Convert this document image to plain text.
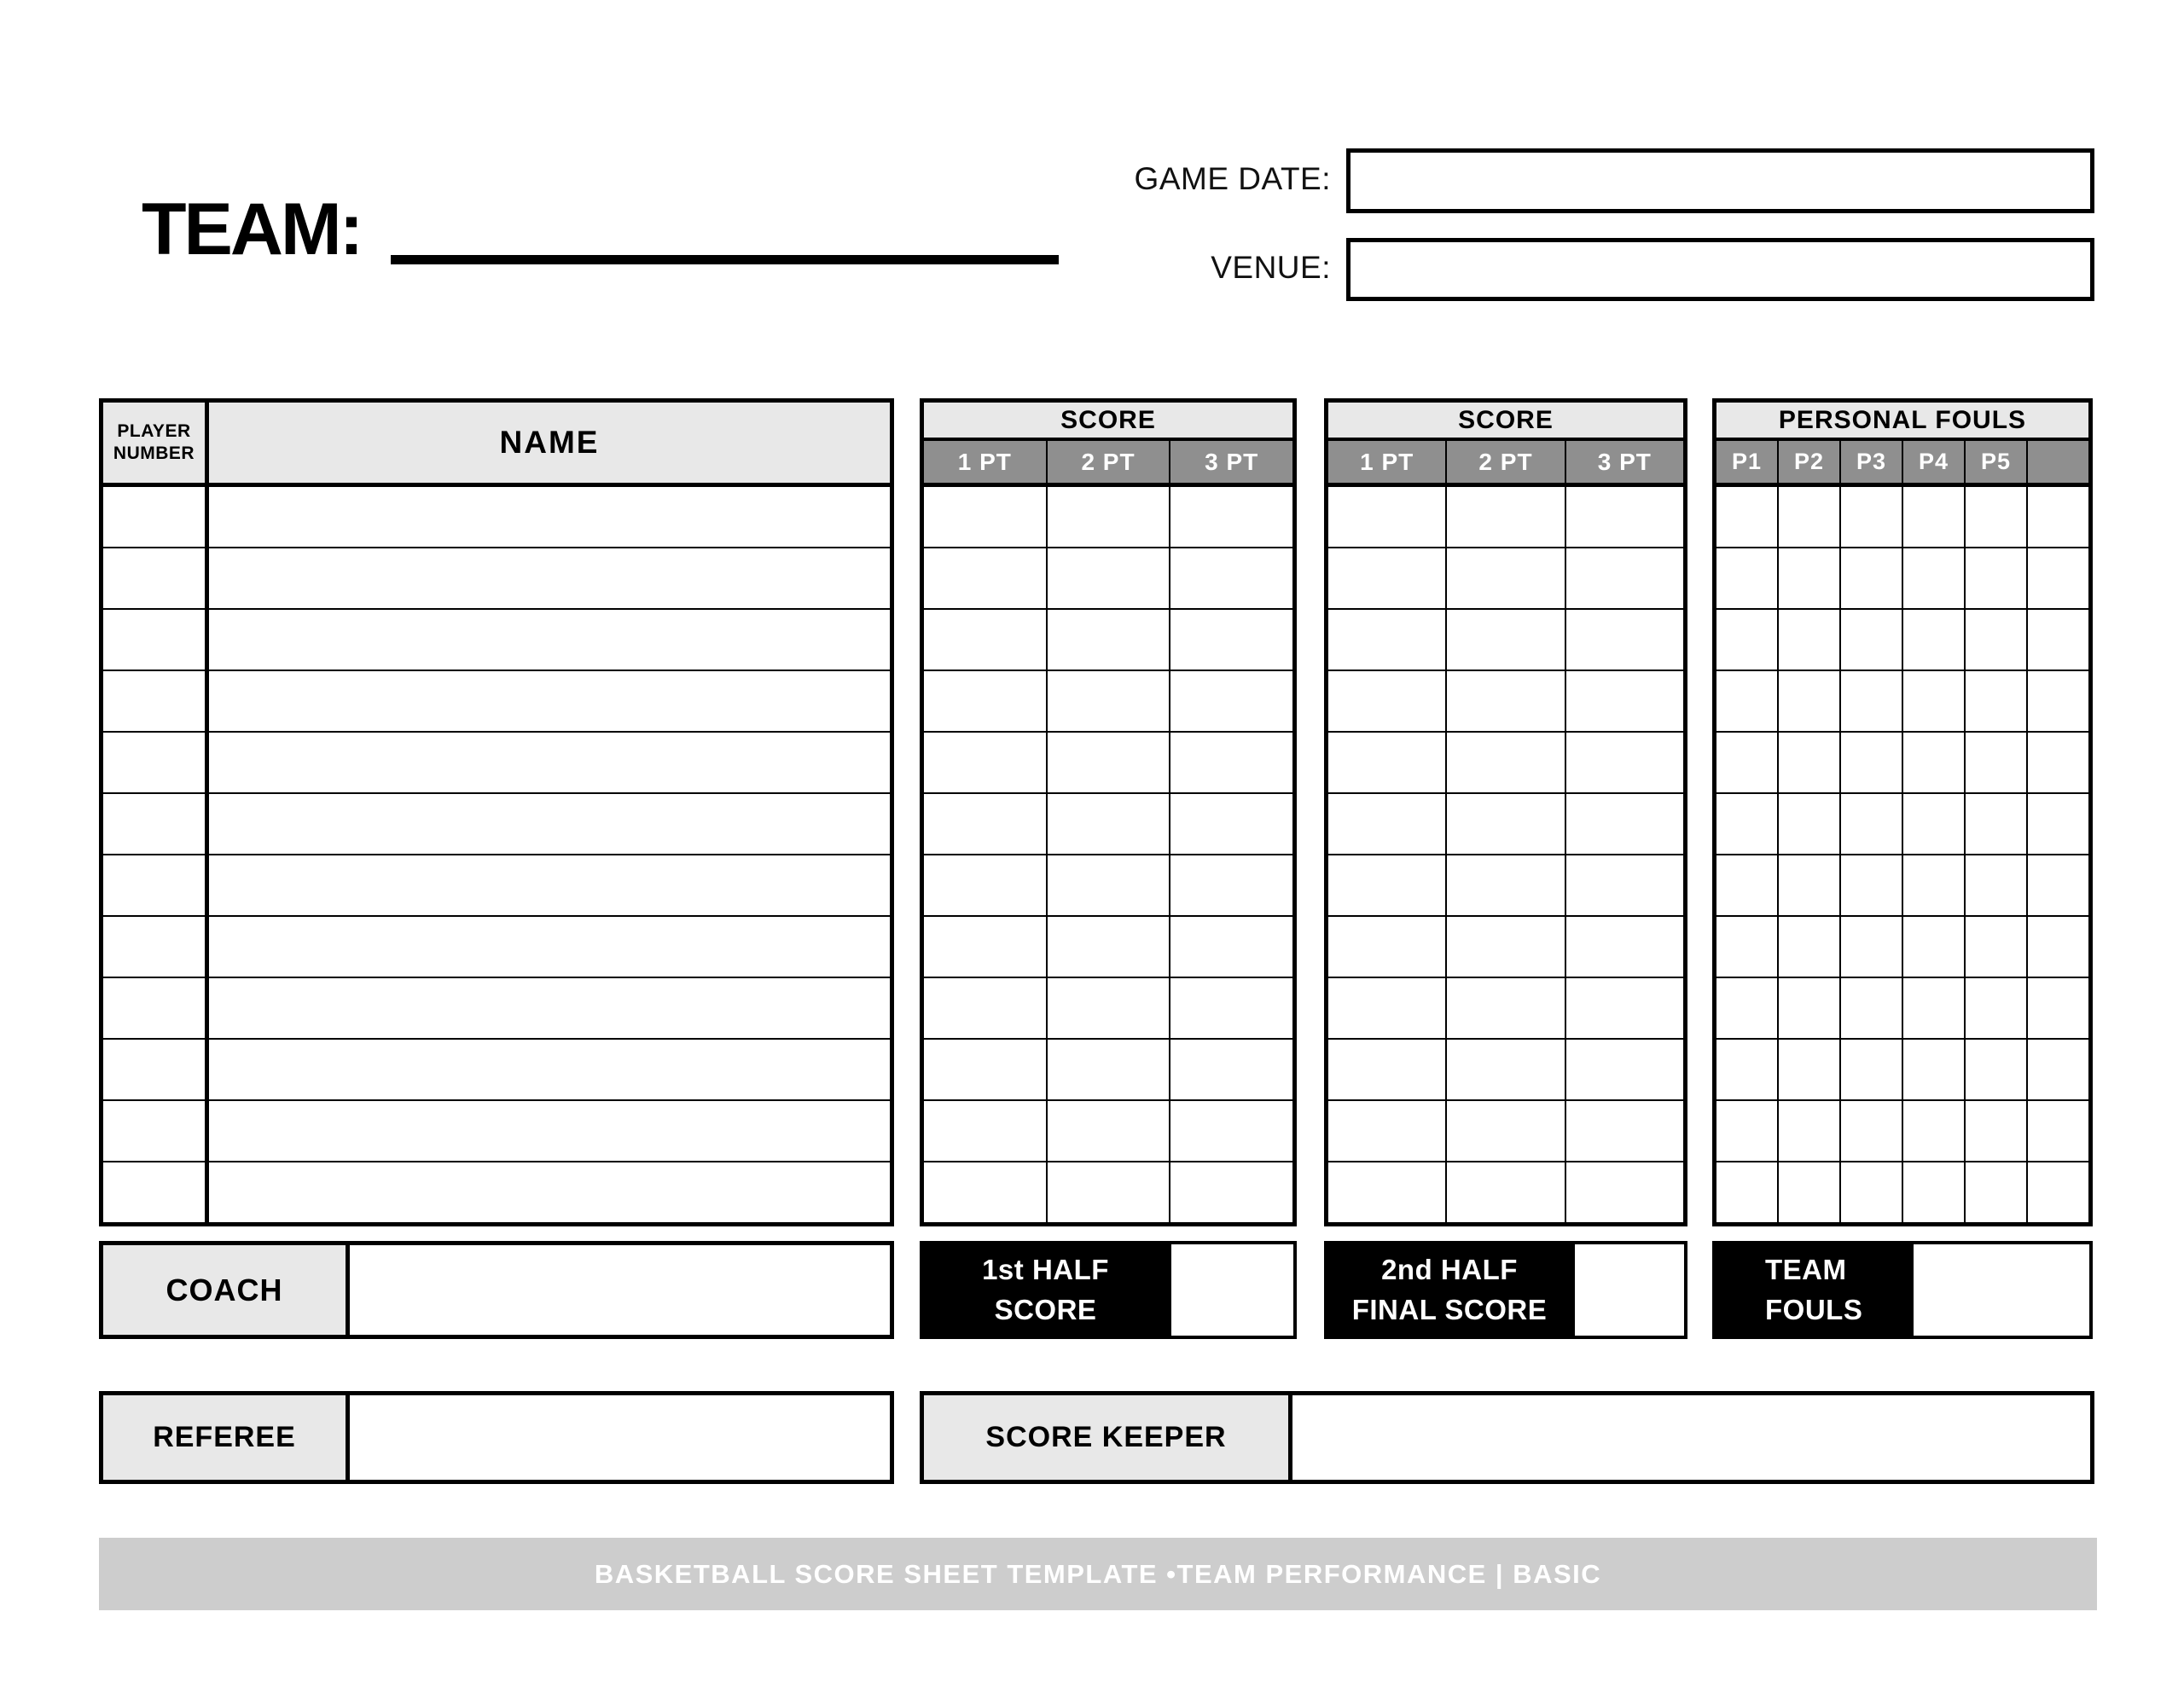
TEAM:
GAME DATE:
VENUE:
PLAYER NUMBER	NAME
SCORE
1 PT	2 PT	3 PT
SCORE
1 PT	2 PT	3 PT
PERSONAL FOULS
P1	P2	P3	P4	P5
COACH
1st HALF
SCORE
2nd HALF
FINAL SCORE
TEAM
FOULS
REFEREE	SCORE KEEPER
BASKETBALL SCORE SHEET TEMPLATE •TEAM PERFORMANCE | BASIC
